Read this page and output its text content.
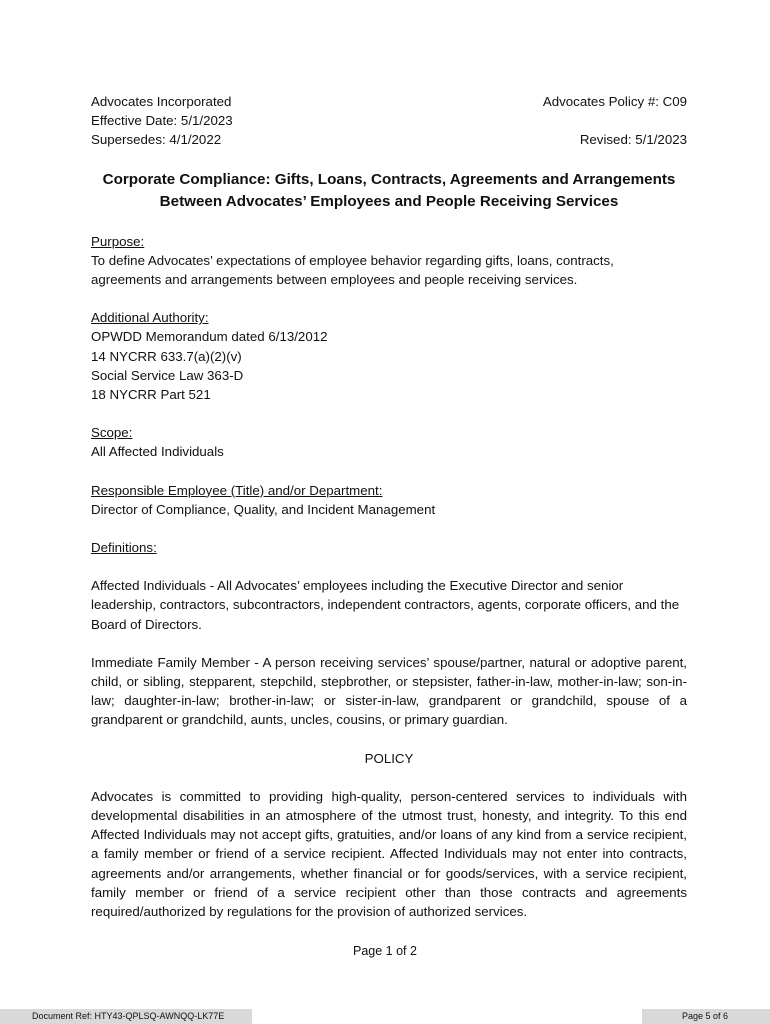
Advocates Incorporated	Advocates Policy #: C09
Effective Date: 5/1/2023
Supersedes: 4/1/2022	Revised: 5/1/2023
Corporate Compliance: Gifts, Loans, Contracts, Agreements and Arrangements
Between Advocates’ Employees and People Receiving Services
Purpose:
To define Advocates’ expectations of employee behavior regarding gifts, loans, contracts, agreements and arrangements between employees and people receiving services.
Additional Authority:
OPWDD Memorandum dated 6/13/2012
14 NYCRR 633.7(a)(2)(v)
Social Service Law 363-D
18 NYCRR Part 521
Scope:
All Affected Individuals
Responsible Employee (Title) and/or Department:
Director of Compliance, Quality, and Incident Management
Definitions:
Affected Individuals - All Advocates’ employees including the Executive Director and senior leadership, contractors, subcontractors, independent contractors, agents, corporate officers, and the Board of Directors.
Immediate Family Member - A person receiving services’ spouse/partner, natural or adoptive parent, child, or sibling, stepparent, stepchild, stepbrother, or stepsister, father-in-law, mother-in-law; son-in-law; daughter-in-law; brother-in-law; or sister-in-law, grandparent or grandchild, spouse of a grandparent or grandchild, aunts, uncles, cousins, or primary guardian.
POLICY
Advocates is committed to providing high-quality, person-centered services to individuals with developmental disabilities in an atmosphere of the utmost trust, honesty, and integrity. To this end Affected Individuals may not accept gifts, gratuities, and/or loans of any kind from a service recipient, a family member or friend of a service recipient. Affected Individuals may not enter into contracts, agreements and/or arrangements, whether financial or for goods/services, with a service recipient, family member or friend of a service recipient other than those contracts and agreements required/authorized by regulations for the provision of authorized services.
Page 1 of 2
Document Ref: HTY43-QPLSQ-AWNQQ-LK77E	Page 5 of 6
